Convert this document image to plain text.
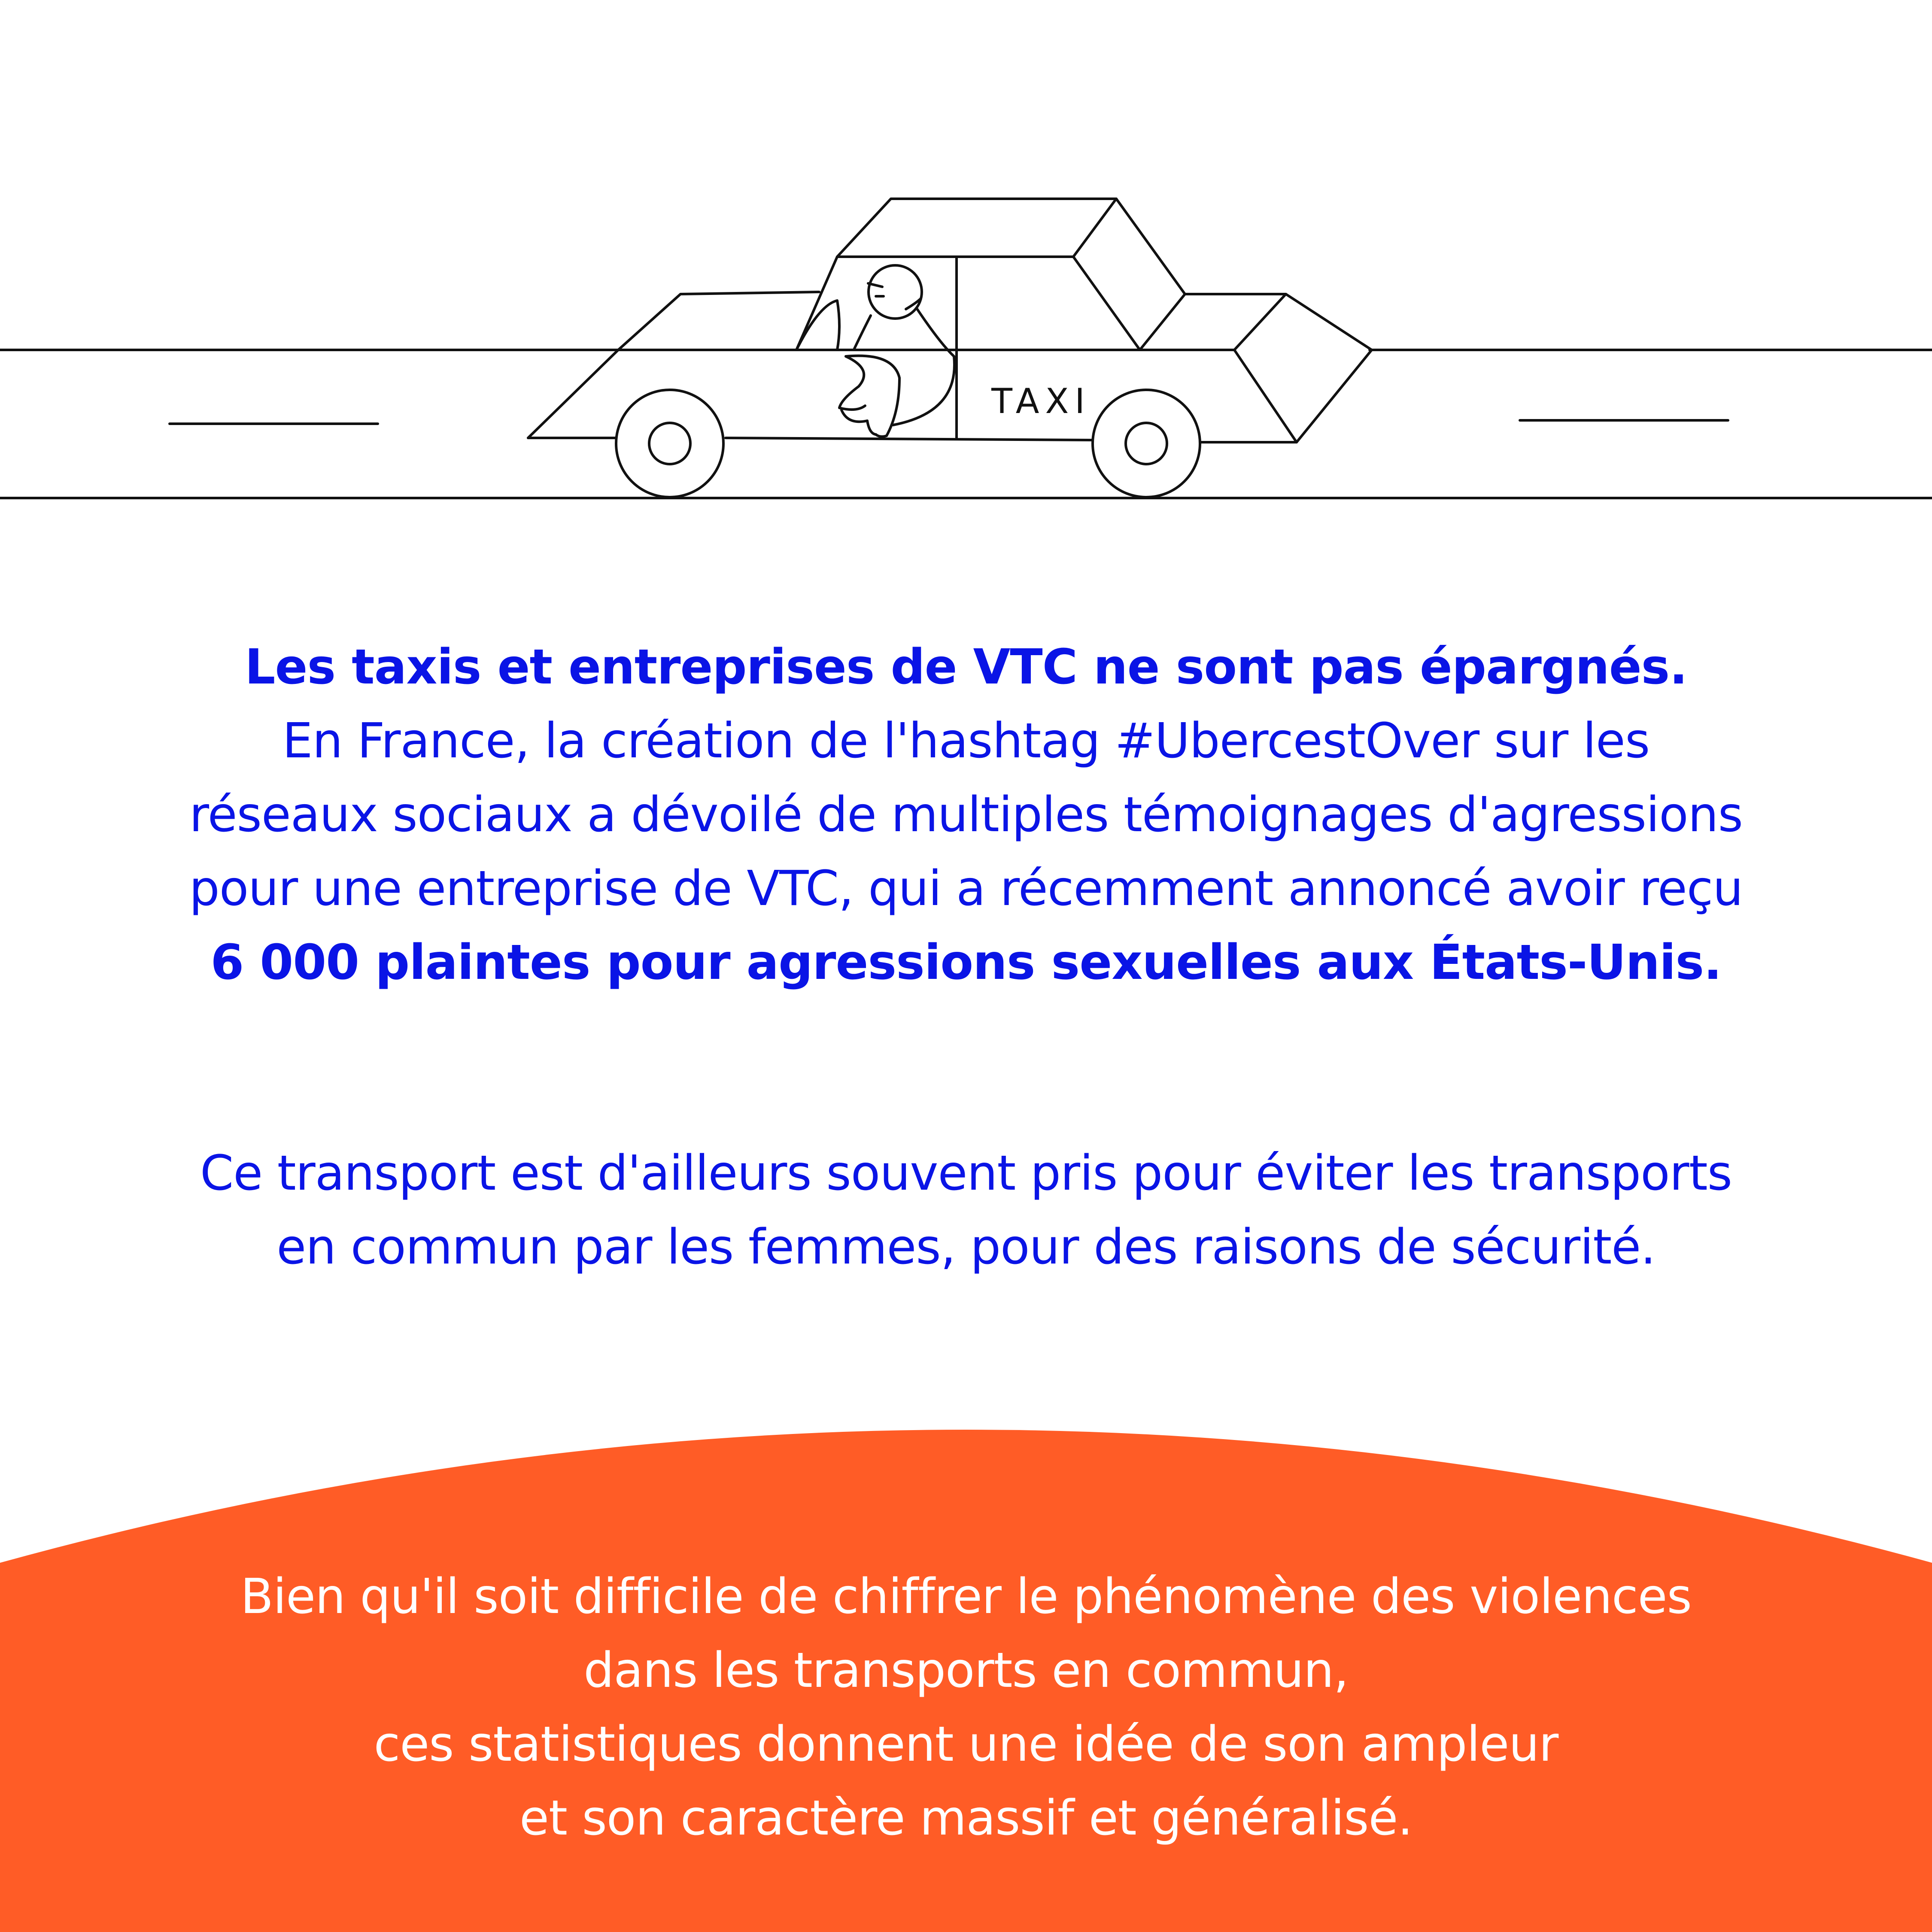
TAXI

Les taxis et entreprises de VTC ne sont pas épargnés.

En France, la création de l'hashtag #UbercestOver sur les

réseaux sociaux a dévoilé de multiples témoignages d'agressions

pour une entreprise de VTC, qui a récemment annoncé avoir reçu

6 000 plaintes pour agressions sexuelles aux États-Unis.

Ce transport est d'ailleurs souvent pris pour éviter les transports

en commun par les femmes, pour des raisons de sécurité.

Bien qu'il soit difficile de chiffrer le phénomène des violences

dans les transports en commun,

ces statistiques donnent une idée de son ampleur

et son caractère massif et généralisé.
